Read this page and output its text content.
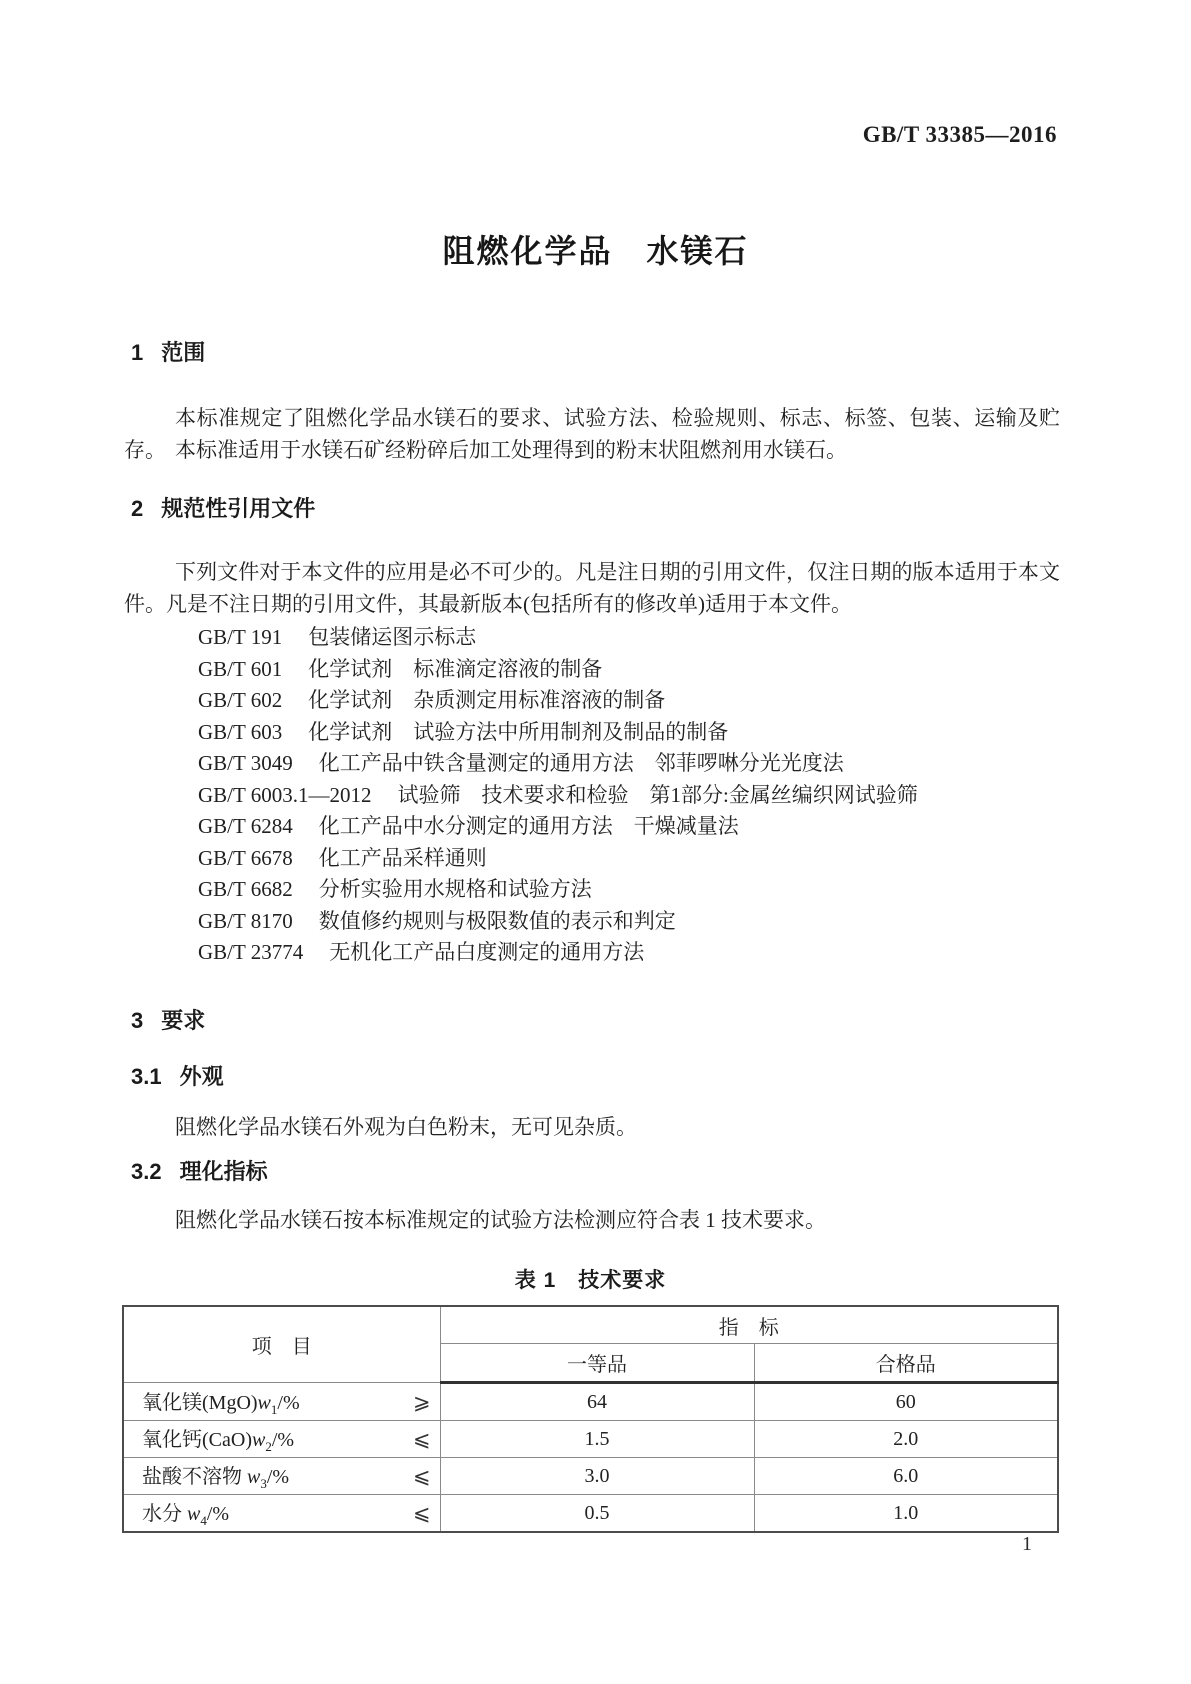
GB/T 33385—2016
阻燃化学品 水镁石
1 范围
本标准规定了阻燃化学品水镁石的要求、试验方法、检验规则、标志、标签、包装、运输及贮存。 本标准适用于水镁石矿经粉碎后加工处理得到的粉末状阻燃剂用水镁石。
2 规范性引用文件
下列文件对于本文件的应用是必不可少的。凡是注日期的引用文件，仅注日期的版本适用于本文件。凡是不注日期的引用文件，其最新版本(包括所有的修改单)适用于本文件。
GB/T 191 包装储运图示标志
GB/T 601 化学试剂　标准滴定溶液的制备
GB/T 602 化学试剂　杂质测定用标准溶液的制备
GB/T 603 化学试剂　试验方法中所用制剂及制品的制备
GB/T 3049 化工产品中铁含量测定的通用方法　邻菲啰啉分光光度法
GB/T 6003.1—2012 试验筛　技术要求和检验　第1部分:金属丝编织网试验筛
GB/T 6284 化工产品中水分测定的通用方法　干燥减量法
GB/T 6678 化工产品采样通则
GB/T 6682 分析实验用水规格和试验方法
GB/T 8170 数值修约规则与极限数值的表示和判定
GB/T 23774 无机化工产品白度测定的通用方法
3 要求
3.1 外观
阻燃化学品水镁石外观为白色粉末，无可见杂质。
3.2 理化指标
阻燃化学品水镁石按本标准规定的试验方法检测应符合表 1 技术要求。
表 1　技术要求
项　目	指　标	
	一等品	合格品

氧化镁$(MgO)w_1/\%$ ⩾	64	60

氧化钙$(CaO)w_2/\%$ ⩽	1.5	2.0

盐酸不溶物 $w_3/\%$ ⩽	3.0	6.0

水分 $w_4/\%$ ⩽	0.5	1.0
1
